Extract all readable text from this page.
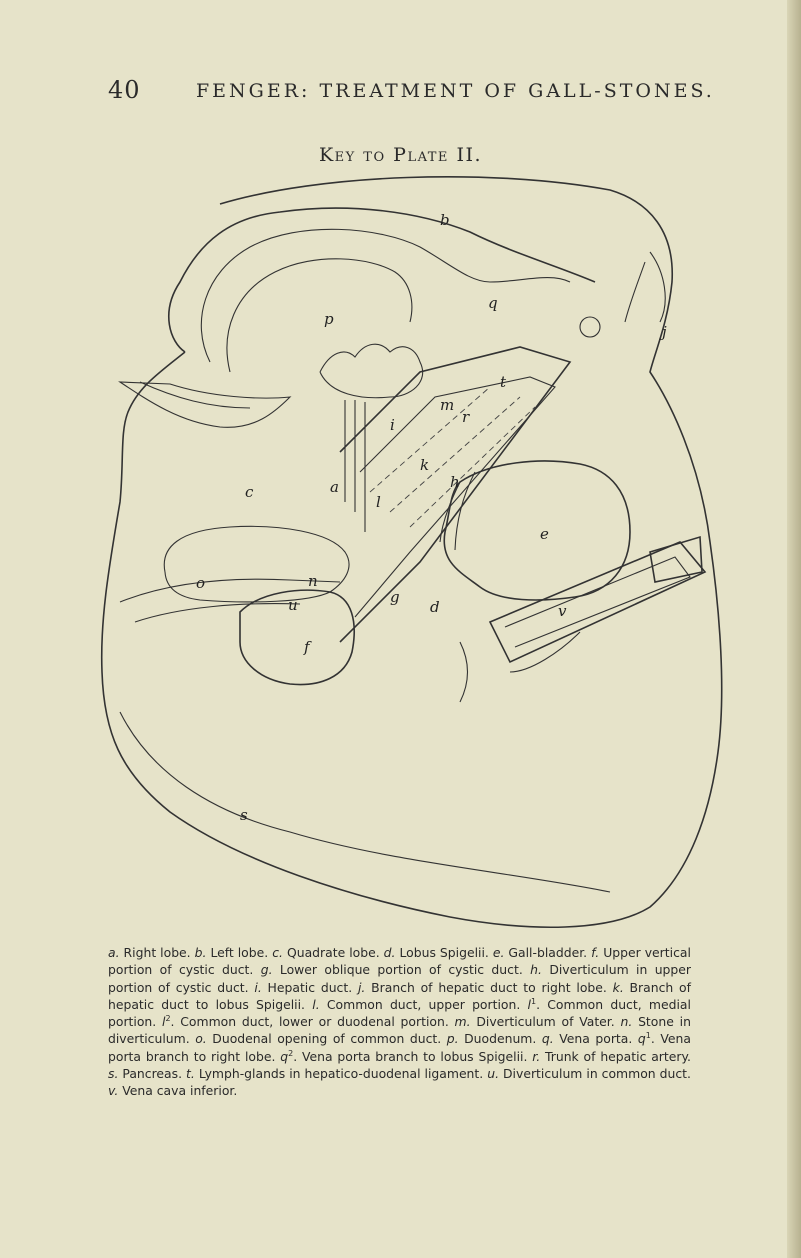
40	FENGER: TREATMENT OF GALL-STONES.
Key to Plate II.
b
p
q
j
c
o
e
d
g
f
u	v
s
a
i
k
t
l
m
n
r
h
a. Right lobe. b. Left lobe. c. Quadrate lobe. d. Lobus Spigelii. e. Gall-bladder. f. Upper vertical portion of cystic duct. g. Lower oblique portion of cystic duct. h. Diverticulum in upper portion of cystic duct. i. Hepatic duct. j. Branch of hepatic duct to right lobe. k. Branch of hepatic duct to lobus Spigelii. l. Common duct, upper portion. $l^1$. Common duct, medial portion. $l^2$. Common duct, lower or duodenal portion. m. Diverticulum of Vater. n. Stone in diverticulum. o. Duodenal opening of common duct. p. Duodenum. q. Vena porta. $q^1$. Vena porta branch to right lobe. $q^2$. Vena porta branch to lobus Spigelii. r. Trunk of hepatic artery. s. Pancreas. t. Lymph-glands in hepatico-duodenal ligament. u. Diverticulum in common duct. v. Vena cava inferior.
